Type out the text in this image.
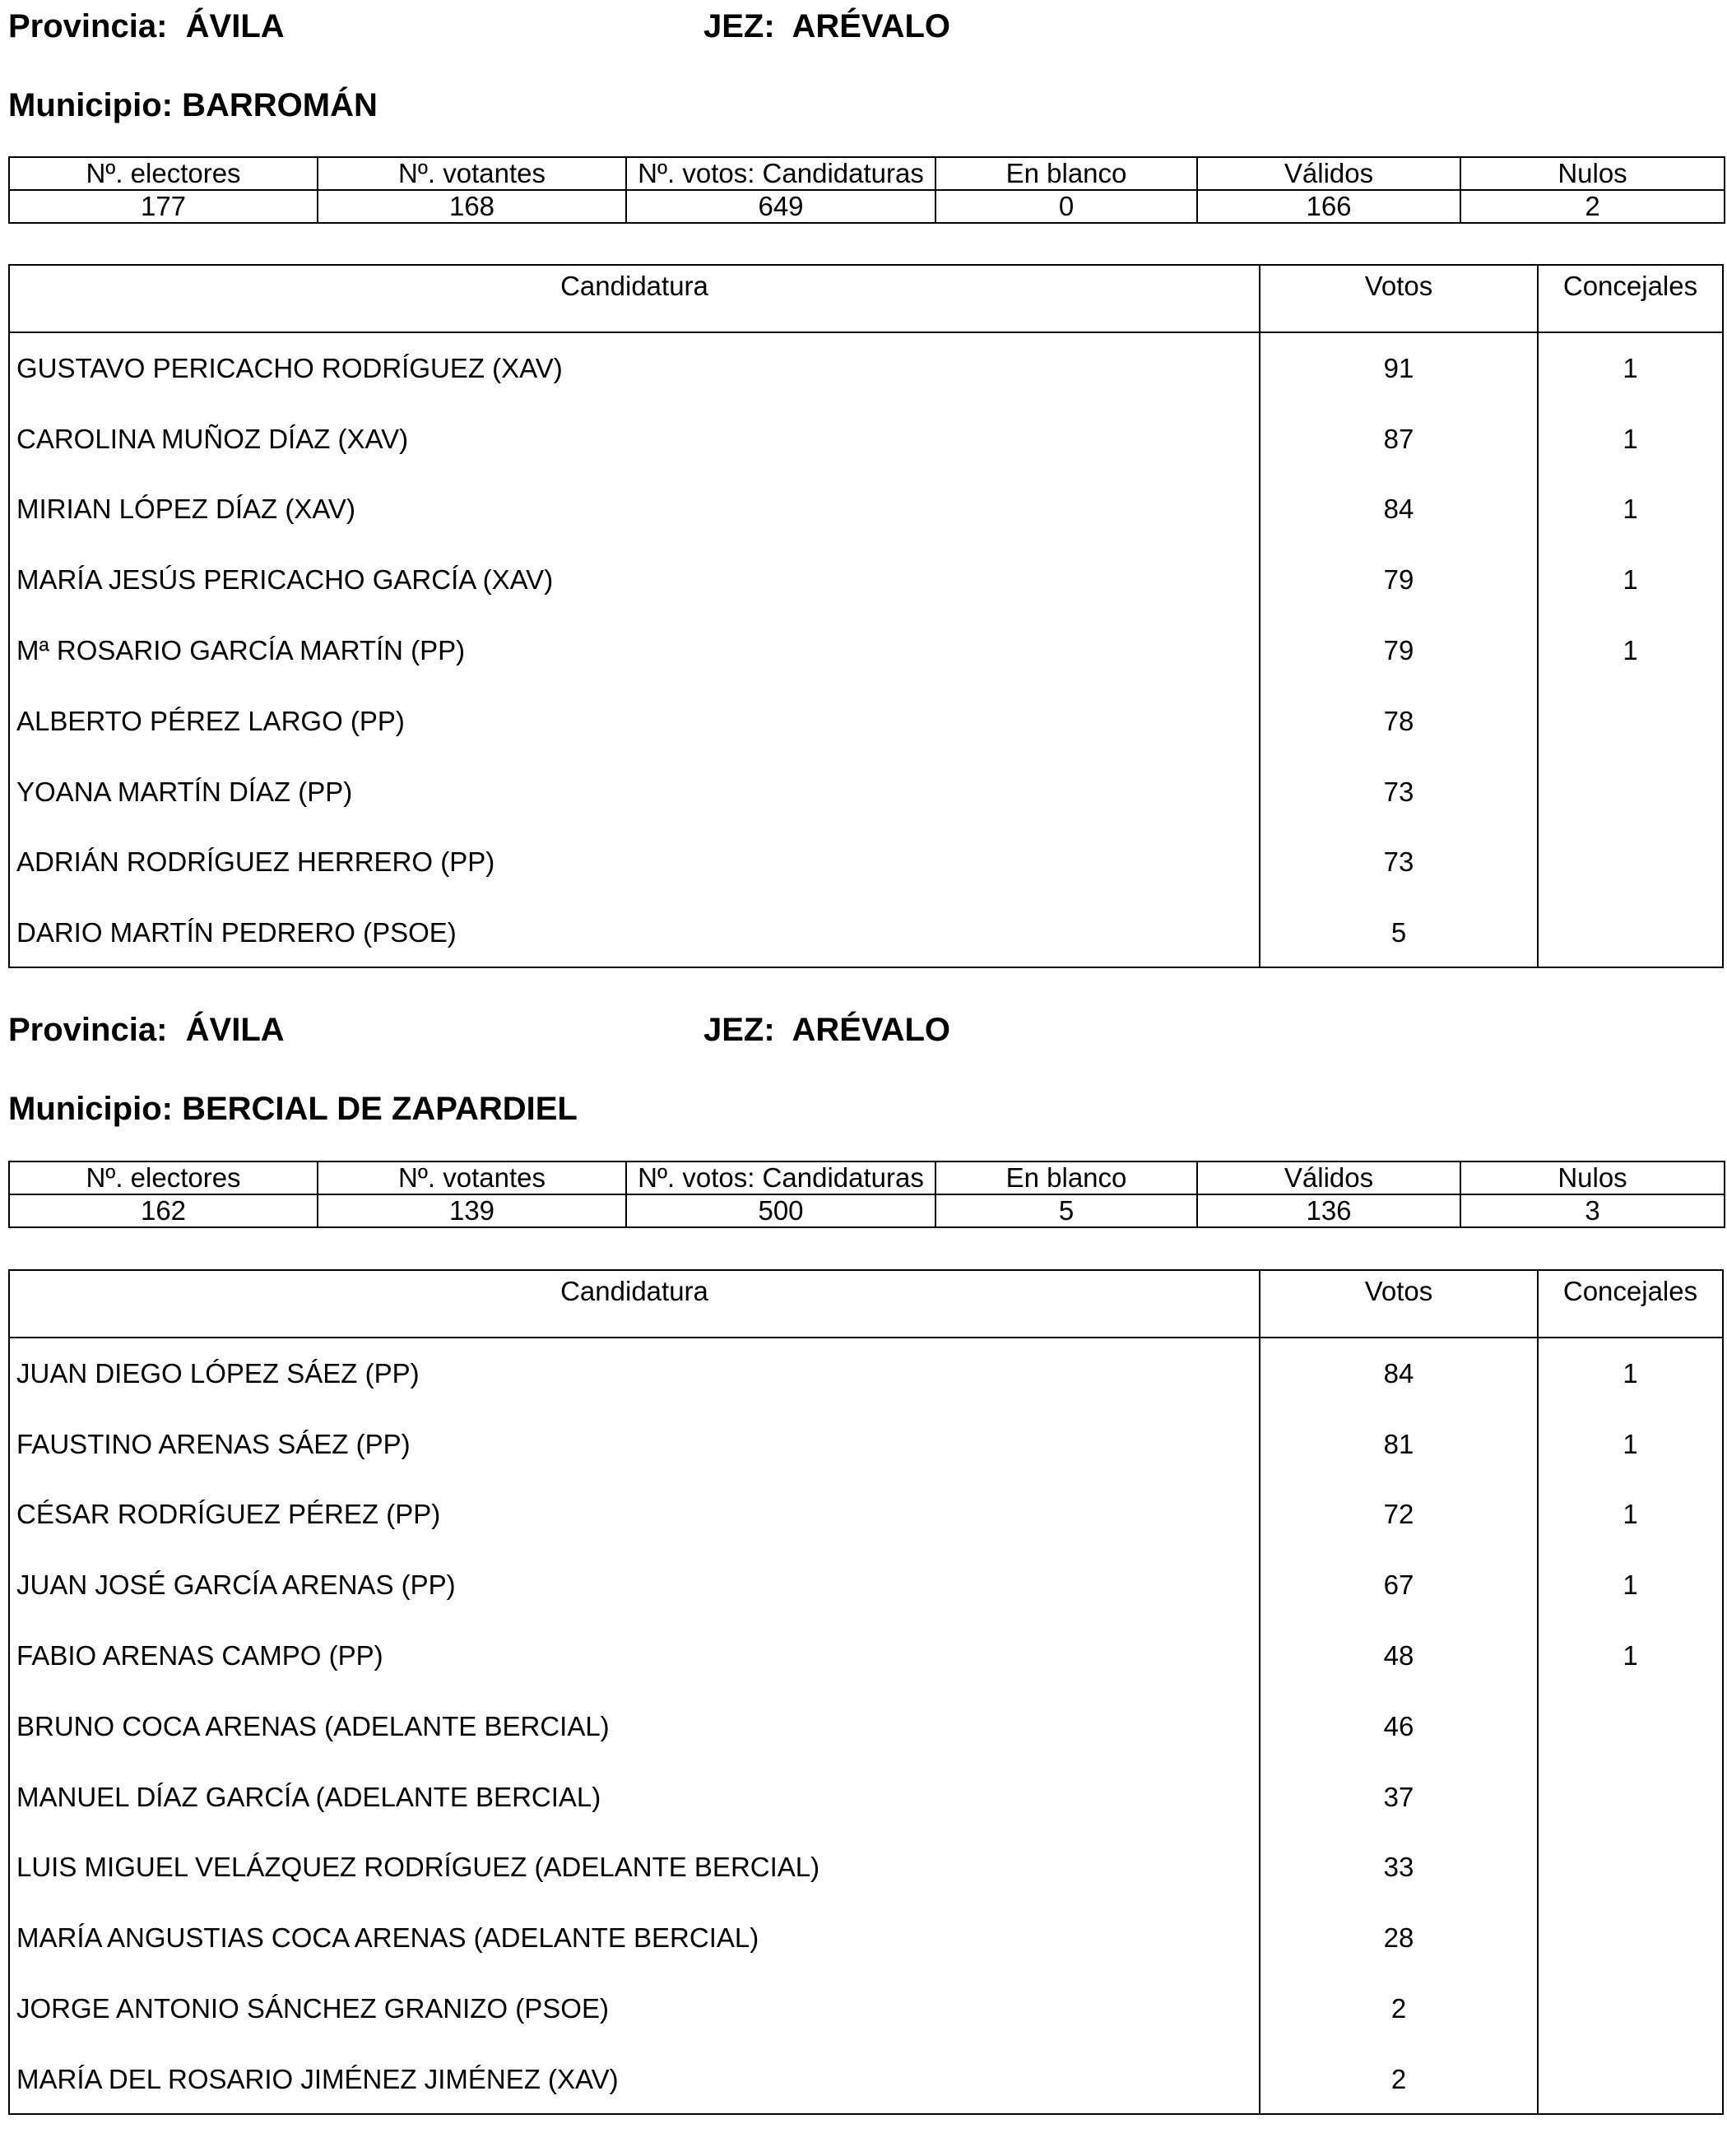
Provincia: ÁVILA	JEZ: ARÉVALO
Municipio: BARROMÁN
Nº. electores	Nº. votantes	Nº. votos: Candidaturas	En blanco	Válidos	Nulos
177	168	649	0	166	2
Candidatura	Votos	Concejales
GUSTAVO PERICACHO RODRÍGUEZ (XAV)	91	1
CAROLINA MUÑOZ DÍAZ (XAV)	87	1
MIRIAN LÓPEZ DÍAZ (XAV)	84	1
MARÍA JESÚS PERICACHO GARCÍA (XAV)	79	1
Mª ROSARIO GARCÍA MARTÍN (PP)	79	1
ALBERTO PÉREZ LARGO (PP)	78
YOANA MARTÍN DÍAZ (PP)	73
ADRIÁN RODRÍGUEZ HERRERO (PP)	73
DARIO MARTÍN PEDRERO (PSOE)	5
Provincia: ÁVILA	JEZ: ARÉVALO
Municipio: BERCIAL DE ZAPARDIEL
Nº. electores	Nº. votantes	Nº. votos: Candidaturas	En blanco	Válidos	Nulos
162	139	500	5	136	3
Candidatura	Votos	Concejales
JUAN DIEGO LÓPEZ SÁEZ (PP)	84	1
FAUSTINO ARENAS SÁEZ (PP)	81	1
CÉSAR RODRÍGUEZ PÉREZ (PP)	72	1
JUAN JOSÉ GARCÍA ARENAS (PP)	67	1
FABIO ARENAS CAMPO (PP)	48	1
BRUNO COCA ARENAS (ADELANTE BERCIAL)	46
MANUEL DÍAZ GARCÍA (ADELANTE BERCIAL)	37
LUIS MIGUEL VELÁZQUEZ RODRÍGUEZ (ADELANTE BERCIAL)	33
MARÍA ANGUSTIAS COCA ARENAS (ADELANTE BERCIAL)	28
JORGE ANTONIO SÁNCHEZ GRANIZO (PSOE)	2
MARÍA DEL ROSARIO JIMÉNEZ JIMÉNEZ (XAV)	2
